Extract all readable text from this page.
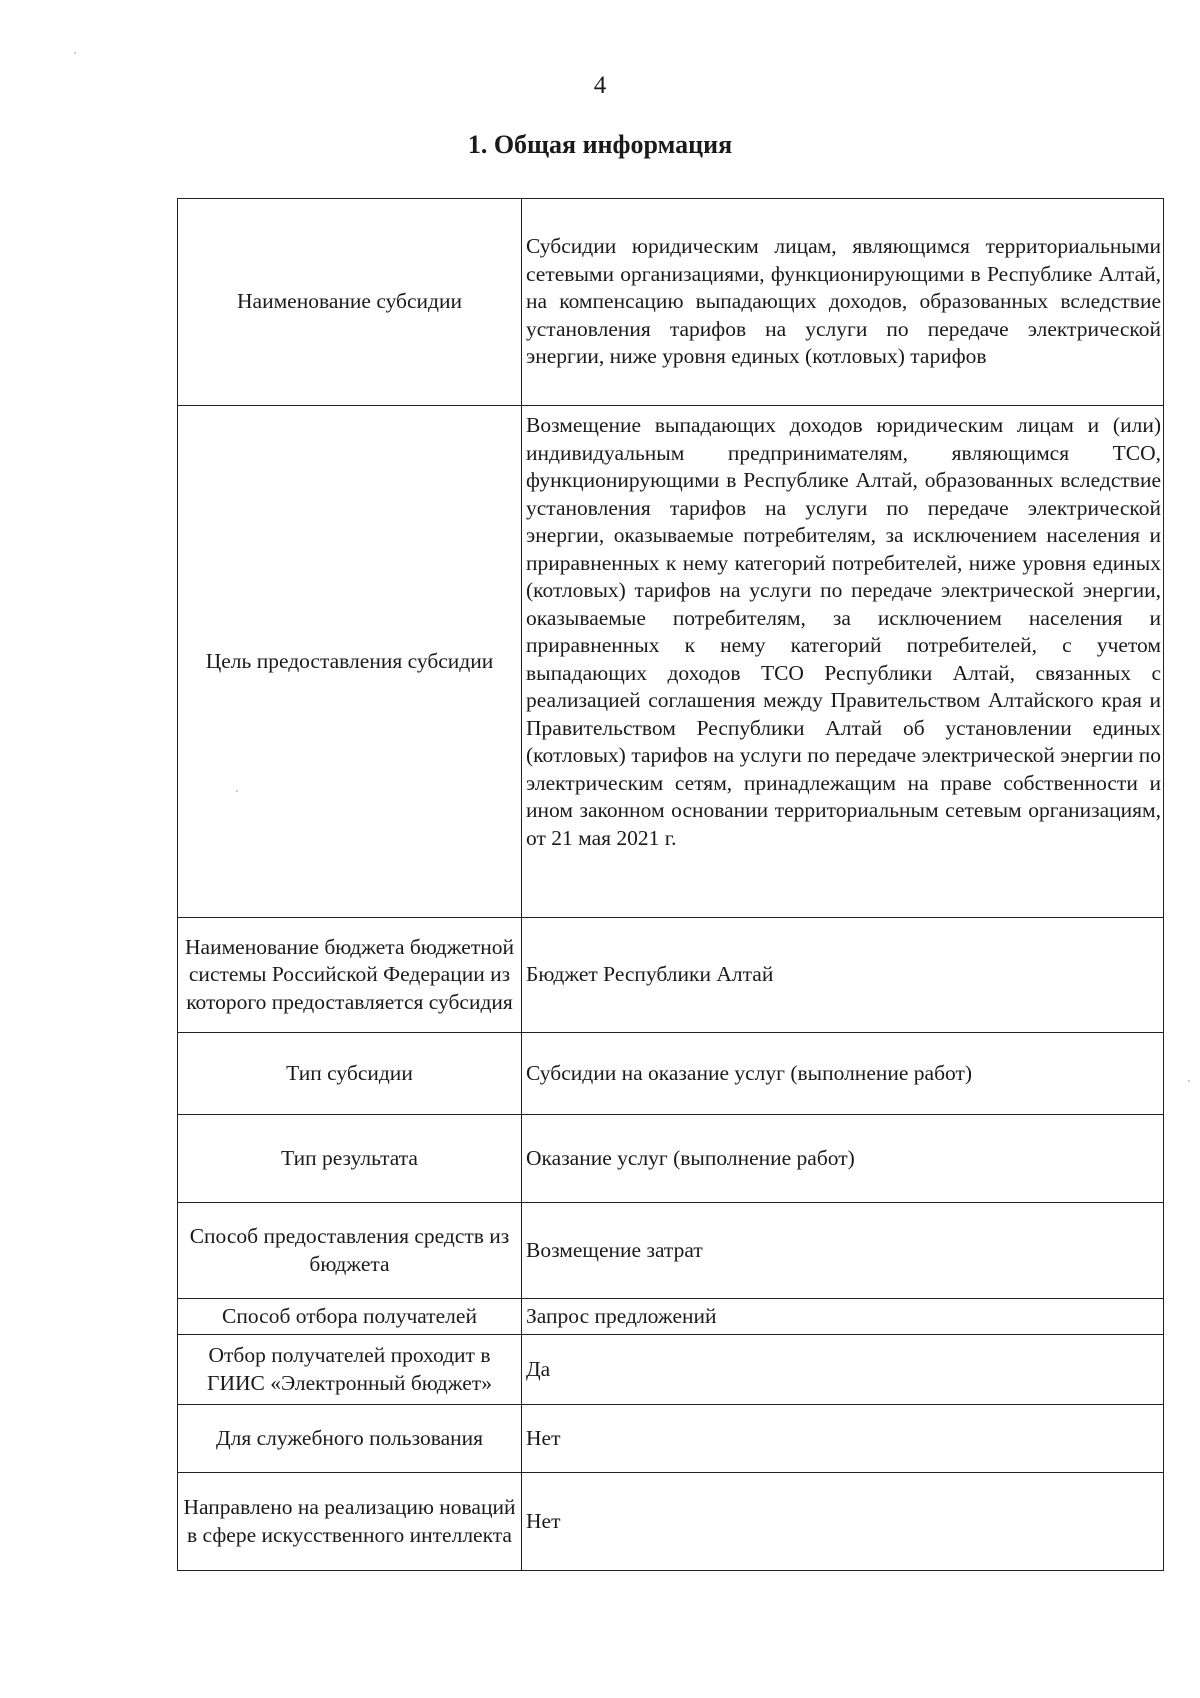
4
1. Общая информация
Наименование субсидии	Субсидии юридическим лицам, являющимся территориальными сетевыми организациями, функционирующими в Республике Алтай, на компенсацию выпадающих доходов, образованных вследствие установления тарифов на услуги по передаче электрической энергии, ниже уровня единых (котловых) тарифов
Цель предоставления субсидии	Возмещение выпадающих доходов юридическим лицам и (или) индивидуальным предпринимателям, являющимся ТСО, функционирующими в Республике Алтай, образованных вследствие установления тарифов на услуги по передаче электрической энергии, оказываемые потребителям, за исключением населения и приравненных к нему категорий потребителей, ниже уровня единых (котловых) тарифов на услуги по передаче электрической энергии, оказываемые потребителям, за исключением населения и приравненных к нему категорий потребителей, с учетом выпадающих доходов ТСО Республики Алтай, связанных с реализацией соглашения между Правительством Алтайского края и Правительством Республики Алтай об установлении единых (котловых) тарифов на услуги по передаче электрической энергии по электрическим сетям, принадлежащим на праве собственности и ином законном основании территориальным сетевым организациям, от 21 мая 2021 г.
Наименование бюджета бюджетной системы Российской Федерации из которого предоставляется субсидия	Бюджет Республики Алтай
Тип субсидии	Субсидии на оказание услуг (выполнение работ)
Тип результата	Оказание услуг (выполнение работ)
Способ предоставления средств из бюджета	Возмещение затрат
Способ отбора получателей	Запрос предложений
Отбор получателей проходит в ГИИС «Электронный бюджет»	Да
Для служебного пользования	Нет
Направлено на реализацию новаций в сфере искусственного интеллекта	Нет
